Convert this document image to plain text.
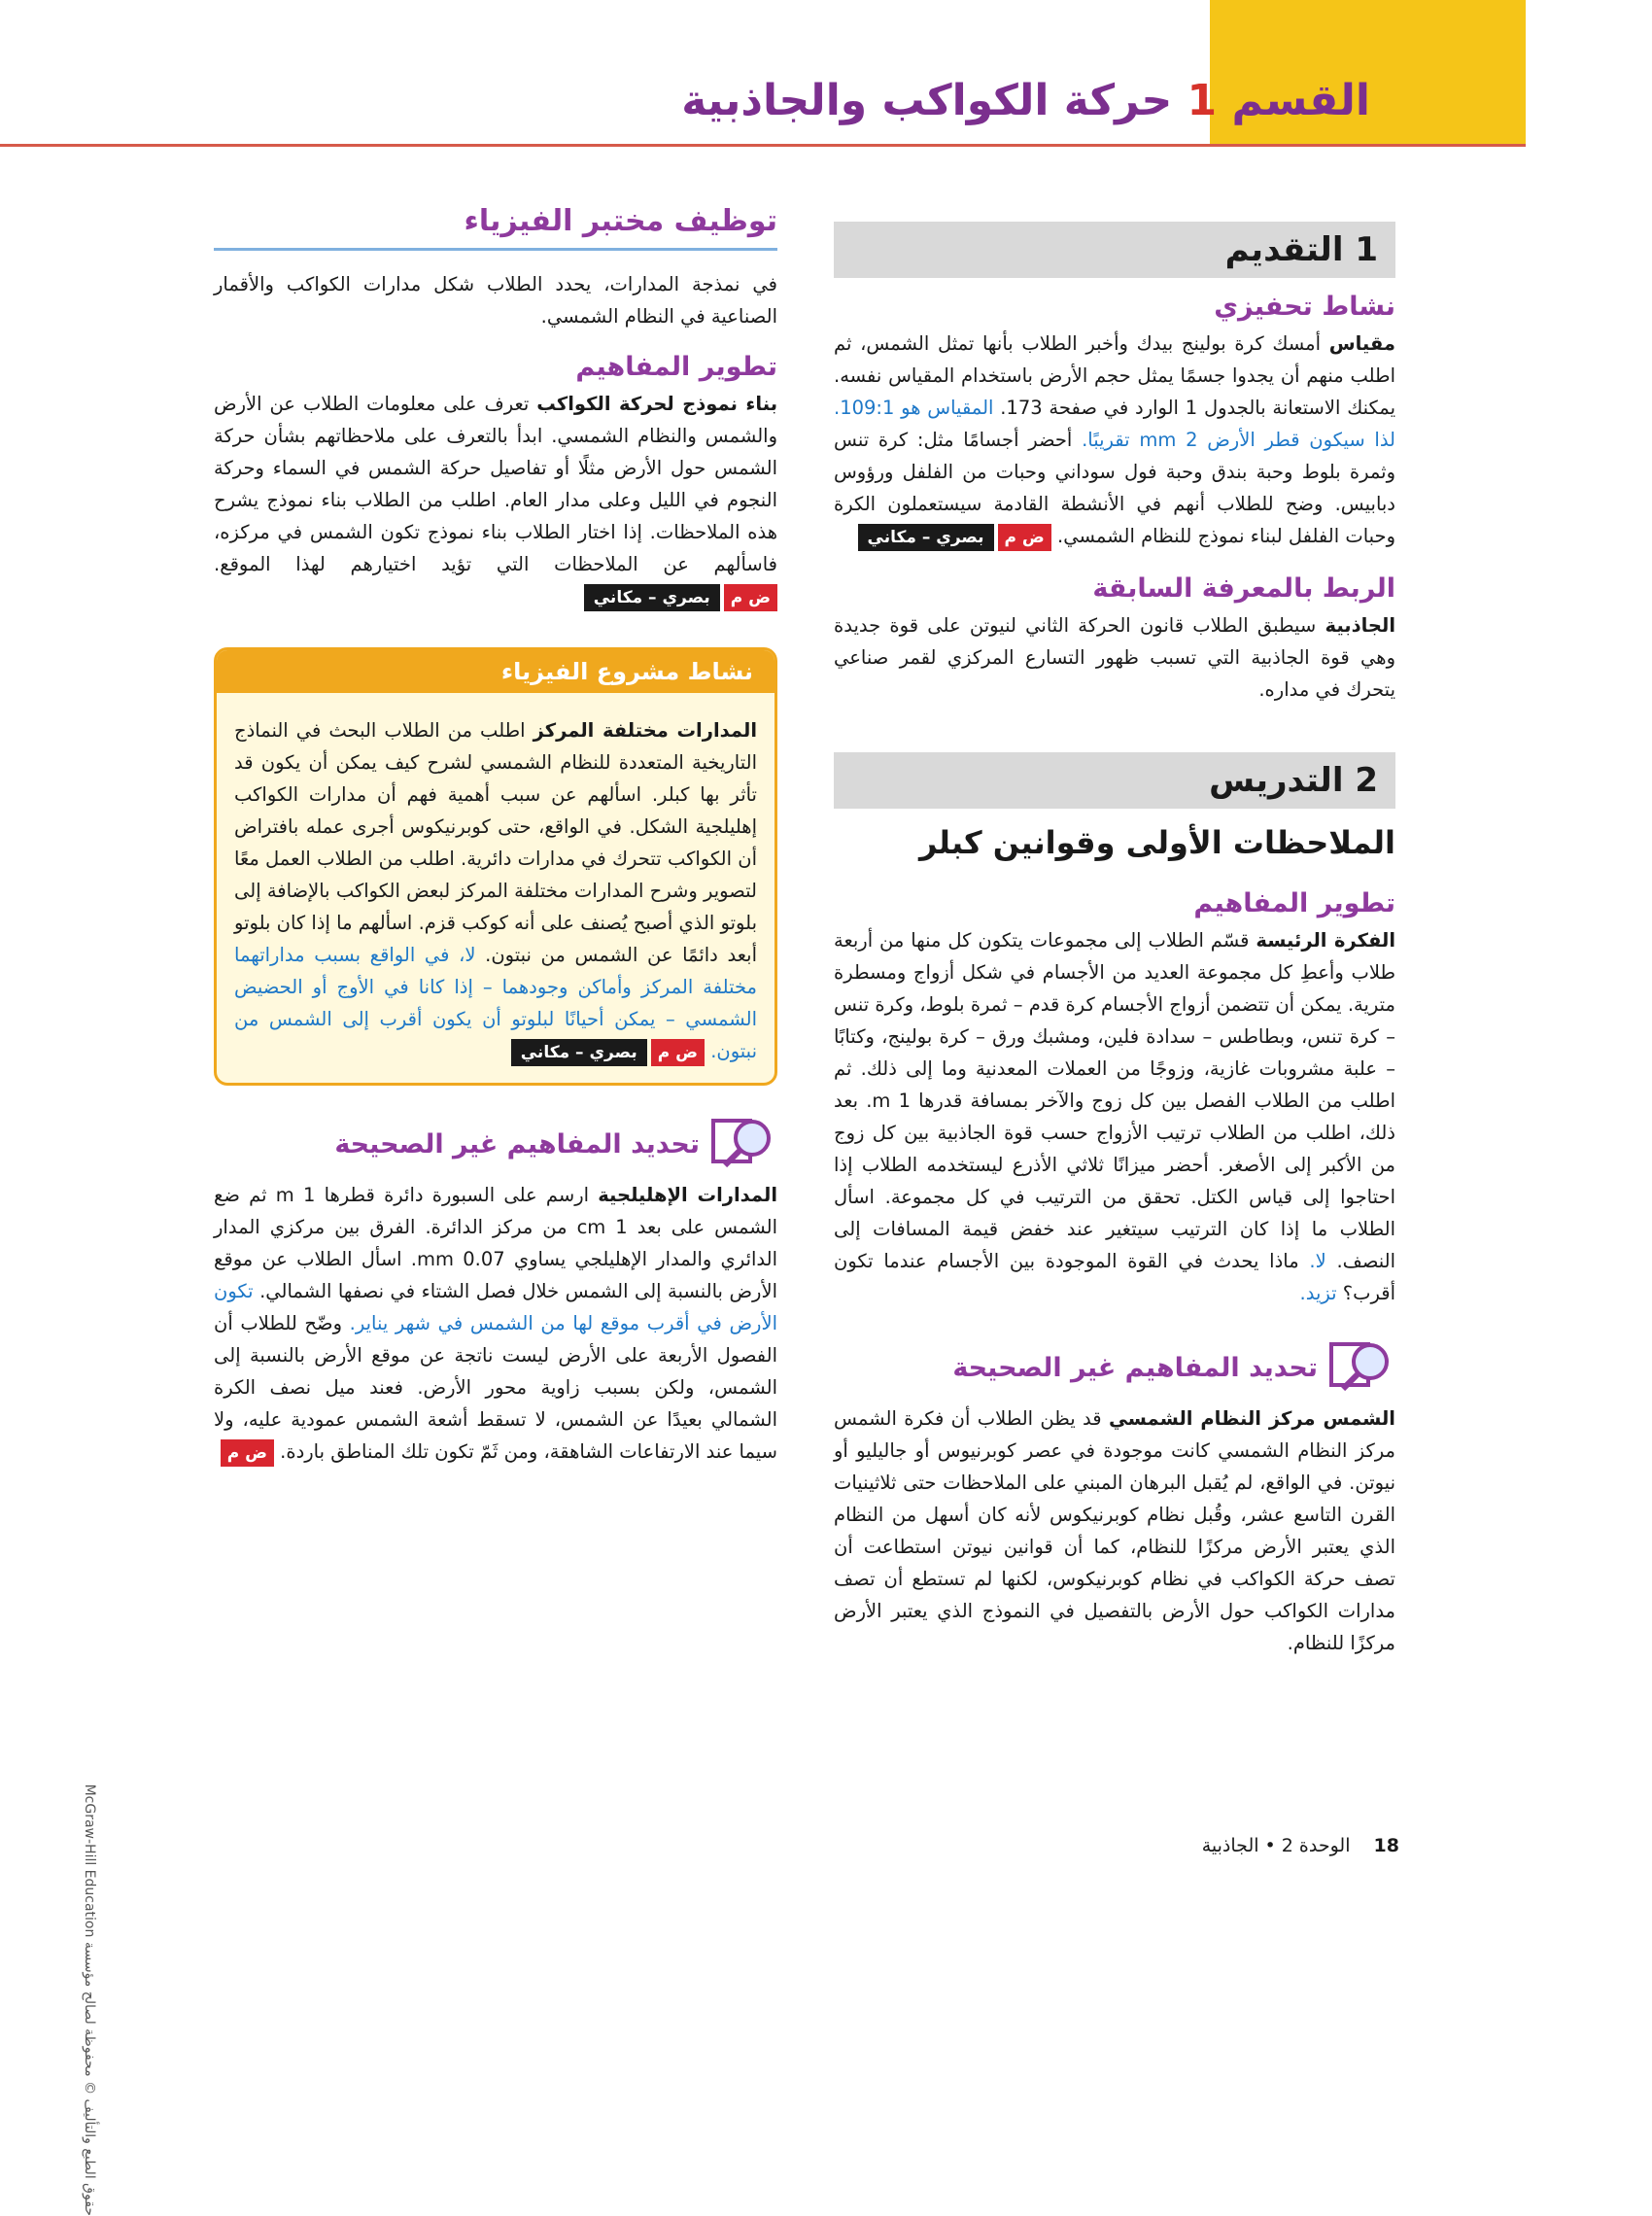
القسم 1 حركة الكواكب والجاذبية
1 التقديم
نشاط تحفيزي

مقياس أمسك كرة بولينج بيدك وأخبر الطلاب بأنها تمثل الشمس، ثم اطلب منهم أن يجدوا جسمًا يمثل حجم الأرض باستخدام المقياس نفسه. يمكنك الاستعانة بالجدول 1 الوارد في صفحة 173. المقياس هو 109:1. لذا سيكون قطر الأرض 2 mm تقريبًا. أحضر أجسامًا مثل: كرة تنس وثمرة بلوط وحبة بندق وحبة فول سوداني وحبات من الفلفل ورؤوس دبابيس. وضح للطلاب أنهم في الأنشطة القادمة سيستعملون الكرة وحبات الفلفل لبناء نموذج للنظام الشمسي. ض مبصري – مكاني

الربط بالمعرفة السابقة

الجاذبية سيطبق الطلاب قانون الحركة الثاني لنيوتن على قوة جديدة وهي قوة الجاذبية التي تسبب ظهور التسارع المركزي لقمر صناعي يتحرك في مداره.

2 التدريس
الملاحظات الأولى وقوانين كبلر
تطوير المفاهيم

الفكرة الرئيسة قسّم الطلاب إلى مجموعات يتكون كل منها من أربعة طلاب وأعطِ كل مجموعة العديد من الأجسام في شكل أزواج ومسطرة مترية. يمكن أن تتضمن أزواج الأجسام كرة قدم – ثمرة بلوط، وكرة تنس – كرة تنس، وبطاطس – سدادة فلين، ومشبك ورق – كرة بولينج، وكتابًا – علبة مشروبات غازية، وزوجًا من العملات المعدنية وما إلى ذلك. ثم اطلب من الطلاب الفصل بين كل زوج والآخر بمسافة قدرها 1 m. بعد ذلك، اطلب من الطلاب ترتيب الأزواج حسب قوة الجاذبية بين كل زوج من الأكبر إلى الأصغر. أحضر ميزانًا ثلاثي الأذرع ليستخدمه الطلاب إذا احتاجوا إلى قياس الكتل. تحقق من الترتيب في كل مجموعة. اسأل الطلاب ما إذا كان الترتيب سيتغير عند خفض قيمة المسافات إلى النصف. لا. ماذا يحدث في القوة الموجودة بين الأجسام عندما تكون أقرب؟ تزيد.

تحديد المفاهيم غير الصحيحة

الشمس مركز النظام الشمسي قد يظن الطلاب أن فكرة الشمس مركز النظام الشمسي كانت موجودة في عصر كوبرنيوس أو جاليليو أو نيوتن. في الواقع، لم يُقبل البرهان المبني على الملاحظات حتى ثلاثينيات القرن التاسع عشر، وقُبل نظام كوبرنيكوس لأنه كان أسهل من النظام الذي يعتبر الأرض مركزًا للنظام، كما أن قوانين نيوتن استطاعت أن تصف حركة الكواكب في نظام كوبرنيكوس، لكنها لم تستطع أن تصف مدارات الكواكب حول الأرض بالتفصيل في النموذج الذي يعتبر الأرض مركزًا للنظام.

توظيف مختبر الفيزياء

في نمذجة المدارات، يحدد الطلاب شكل مدارات الكواكب والأقمار الصناعية في النظام الشمسي.

تطوير المفاهيم

بناء نموذج لحركة الكواكب تعرف على معلومات الطلاب عن الأرض والشمس والنظام الشمسي. ابدأ بالتعرف على ملاحظاتهم بشأن حركة الشمس حول الأرض مثلًا أو تفاصيل حركة الشمس في السماء وحركة النجوم في الليل وعلى مدار العام. اطلب من الطلاب بناء نموذج يشرح هذه الملاحظات. إذا اختار الطلاب بناء نموذج تكون الشمس في مركزه، فاسألهم عن الملاحظات التي تؤيد اختيارهم لهذا الموقع. ض مبصري – مكاني

نشاط مشروع الفيزياء

المدارات مختلفة المركز اطلب من الطلاب البحث في النماذج التاريخية المتعددة للنظام الشمسي لشرح كيف يمكن أن يكون قد تأثر بها كبلر. اسألهم عن سبب أهمية فهم أن مدارات الكواكب إهليلجية الشكل. في الواقع، حتى كوبرنيكوس أجرى عمله بافتراض أن الكواكب تتحرك في مدارات دائرية. اطلب من الطلاب العمل معًا لتصوير وشرح المدارات مختلفة المركز لبعض الكواكب بالإضافة إلى بلوتو الذي أصبح يُصنف على أنه كوكب قزم. اسألهم ما إذا كان بلوتو أبعد دائمًا عن الشمس من نبتون. لا، في الواقع بسبب مداراتهما مختلفة المركز وأماكن وجودهما – إذا كانا في الأوج أو الحضيض الشمسي – يمكن أحيانًا لبلوتو أن يكون أقرب إلى الشمس من نبتون. ض مبصري – مكاني

تحديد المفاهيم غير الصحيحة

المدارات الإهليلجية ارسم على السبورة دائرة قطرها 1 m ثم ضع الشمس على بعد 1 cm من مركز الدائرة. الفرق بين مركزي المدار الدائري والمدار الإهليلجي يساوي 0.07 mm. اسأل الطلاب عن موقع الأرض بالنسبة إلى الشمس خلال فصل الشتاء في نصفها الشمالي. تكون الأرض في أقرب موقع لها من الشمس في شهر يناير. وضّح للطلاب أن الفصول الأربعة على الأرض ليست ناتجة عن موقع الأرض بالنسبة إلى الشمس، ولكن بسبب زاوية محور الأرض. فعند ميل نصف الكرة الشمالي بعيدًا عن الشمس، لا تسقط أشعة الشمس عمودية عليه، ولا سيما عند الارتفاعات الشاهقة، ومن ثَمّ تكون تلك المناطق باردة. ض م

حقوق الطبع والتأليف © محفوظة لصالح مؤسسة McGraw-Hill Education
18 الوحدة 2 • الجاذبية
